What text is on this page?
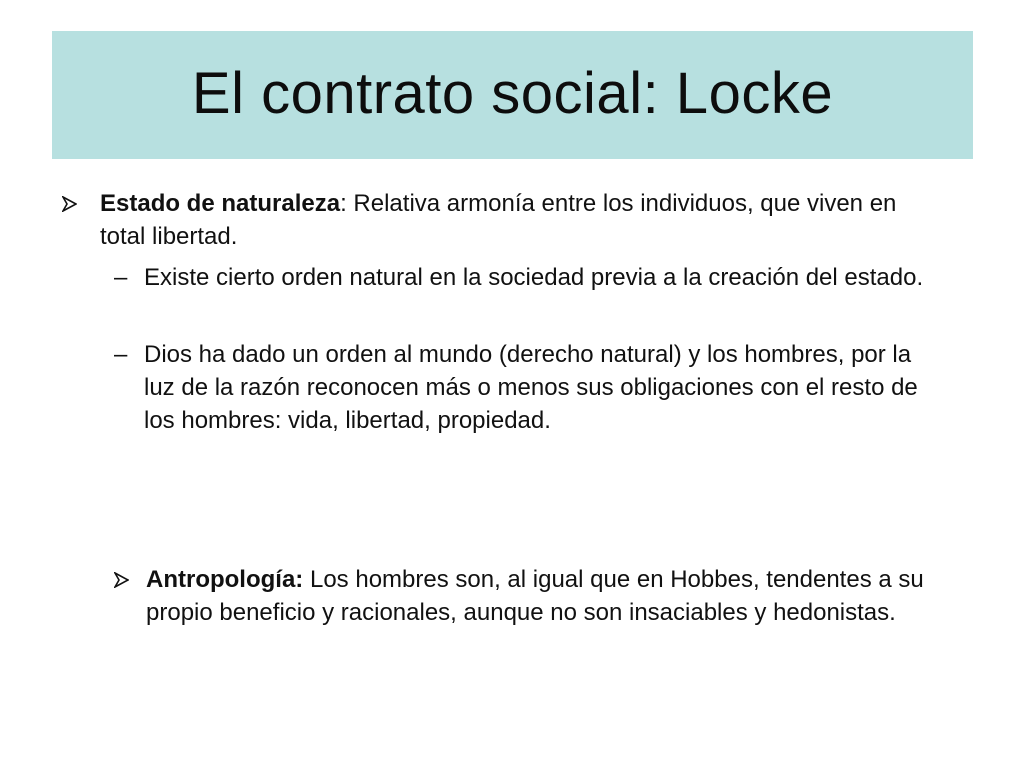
El contrato social: Locke
Estado de naturaleza: Relativa armonía entre los individuos, que viven en total libertad.
– Existe cierto orden natural en la sociedad previa a la creación del estado.
– Dios ha dado un orden al mundo (derecho natural) y los hombres, por la luz de la razón reconocen más o menos sus obligaciones con el resto de los hombres: vida, libertad, propiedad.
Antropología: Los hombres son, al igual que en Hobbes, tendentes a su propio beneficio y racionales, aunque no son insaciables y hedonistas.
